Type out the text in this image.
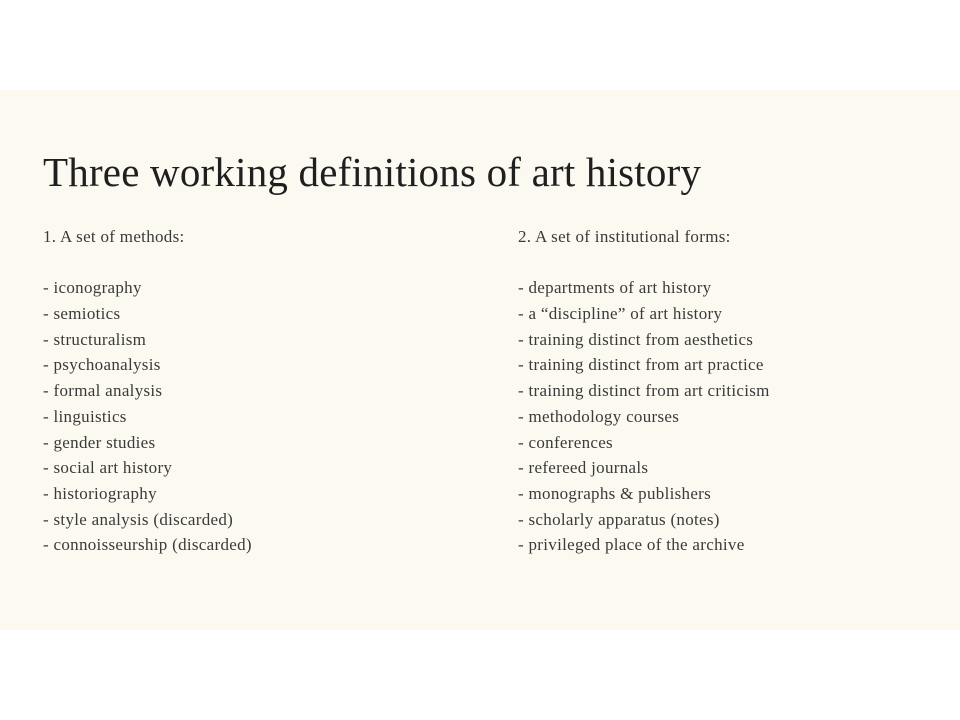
Three working definitions of art history
1. A set of methods:
- iconography
- semiotics
- structuralism
- psychoanalysis
- formal analysis
- linguistics
- gender studies
- social art history
- historiography
- style analysis (discarded)
- connoisseurship (discarded)
2. A set of institutional forms:
- departments of art history
- a “discipline” of art history
- training distinct from aesthetics
- training distinct from art practice
- training distinct from art criticism
- methodology courses
- conferences
- refereed journals
- monographs & publishers
- scholarly apparatus (notes)
- privileged place of the archive
